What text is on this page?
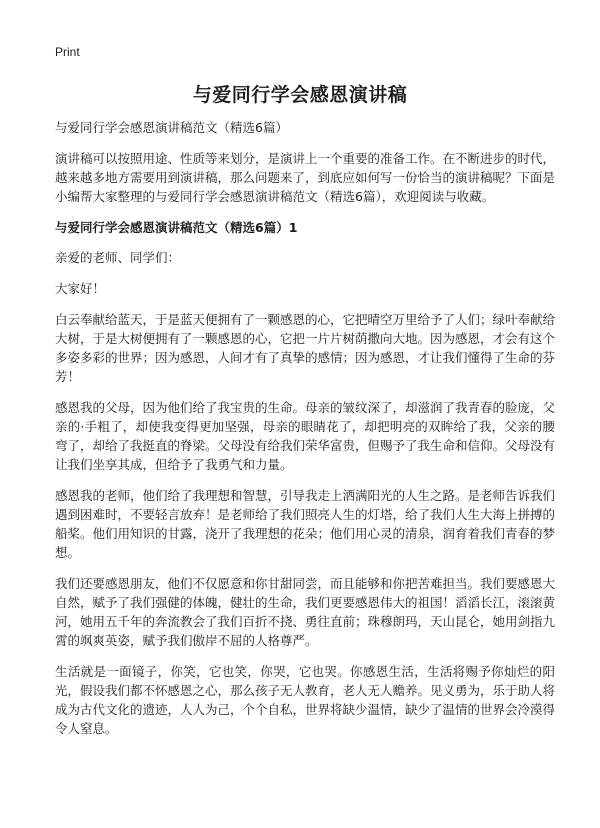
Print
与爱同行学会感恩演讲稿

与爱同行学会感恩演讲稿范文（精选6篇）

演讲稿可以按照用途、性质等来划分，是演讲上一个重要的准备工作。在不断进步的时代，越来越多地方需要用到演讲稿，那么问题来了，到底应如何写一份恰当的演讲稿呢？下面是小编帮大家整理的与爱同行学会感恩演讲稿范文（精选6篇），欢迎阅读与收藏。

与爱同行学会感恩演讲稿范文（精选6篇）1

亲爱的老师、同学们：

大家好！

白云奉献给蓝天，于是蓝天便拥有了一颗感恩的心，它把晴空万里给予了人们；绿叶奉献给大树，于是大树便拥有了一颗感恩的心，它把一片片树荫撒向大地。因为感恩，才会有这个多姿多彩的世界；因为感恩，人间才有了真挚的感情；因为感恩，才让我们懂得了生命的芬芳！

感恩我的父母，因为他们给了我宝贵的生命。母亲的皱纹深了，却滋润了我青春的脸庞，父亲的·手粗了，却使我变得更加坚强，母亲的眼睛花了，却把明亮的双眸给了我，父亲的腰弯了，却给了我挺直的脊梁。父母没有给我们荣华富贵，但赐予了我生命和信仰。父母没有让我们坐享其成，但给予了我勇气和力量。

感恩我的老师，他们给了我理想和智慧，引导我走上洒满阳光的人生之路。是老师告诉我们遇到困难时，不要轻言放弃！是老师给了我们照亮人生的灯塔，给了我们人生大海上拼搏的船桨。他们用知识的甘露，浇开了我理想的花朵；他们用心灵的清泉，润育着我们青春的梦想。

我们还要感恩朋友，他们不仅愿意和你甘甜同尝，而且能够和你把苦难担当。我们要感恩大自然，赋予了我们强健的体魄，健壮的生命，我们更要感恩伟大的祖国！滔滔长江，滚滚黄河，她用五千年的奔流教会了我们百折不挠、勇往直前；珠穆朗玛，天山昆仑，她用剑指九霄的飒爽英姿，赋予我们傲岸不屈的人格尊严。

生活就是一面镜子，你笑，它也笑，你哭，它也哭。你感恩生活，生活将赐予你灿烂的阳光，假设我们都不怀感恩之心，那么孩子无人教育，老人无人赡养。见义勇为，乐于助人将成为古代文化的遗迹，人人为己，个个自私，世界将缺少温情，缺少了温情的世界会冷漠得令人窒息。
